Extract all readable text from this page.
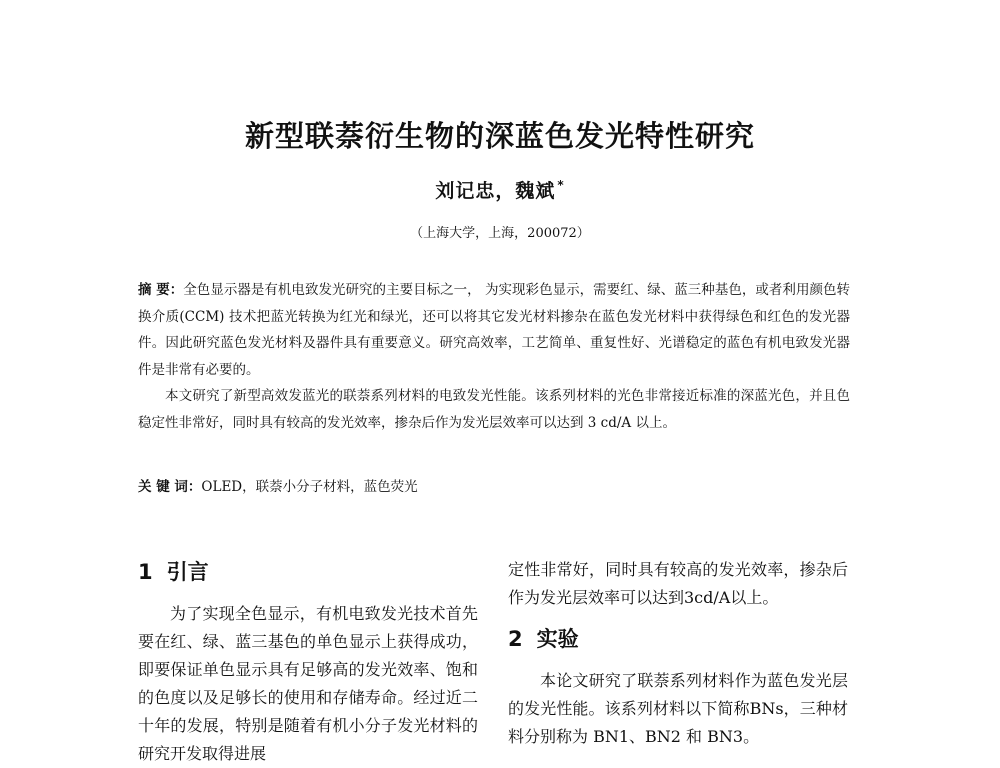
新型联萘衍生物的深蓝色发光特性研究
刘记忠，魏斌 *
（上海大学，上海，200072）

摘 要：全色显示器是有机电致发光研究的主要目标之一， 为实现彩色显示，需要红、绿、蓝三种基色，或者利用颜色转换介质(CCM) 技术把蓝光转换为红光和绿光，还可以将其它发光材料掺杂在蓝色发光材料中获得绿色和红色的发光器件。因此研究蓝色发光材料及器件具有重要意义。研究高效率，工艺简单、重复性好、光谱稳定的蓝色有机电致发光器件是非常有必要的。

本文研究了新型高效发蓝光的联萘系列材料的电致发光性能。该系列材料的光色非常接近标准的深蓝光色，并且色稳定性非常好，同时具有较高的发光效率，掺杂后作为发光层效率可以达到 3 cd/A 以上。

关 键 词：OLED，联萘小分子材料，蓝色荧光
1 引言

为了实现全色显示，有机电致发光技术首先要在红、绿、蓝三基色的单色显示上获得成功，即要保证单色显示具有足够高的发光效率、饱和的色度以及足够长的使用和存储寿命。经过近二十年的发展，特别是随着有机小分子发光材料的研究开发取得进展

定性非常好，同时具有较高的发光效率，掺杂后作为发光层效率可以达到3cd/A以上。

2 实验

本论文研究了联萘系列材料作为蓝色发光层的发光性能。该系列材料以下简称BNs，三种材料分别称为 BN1、BN2 和 BN3。
